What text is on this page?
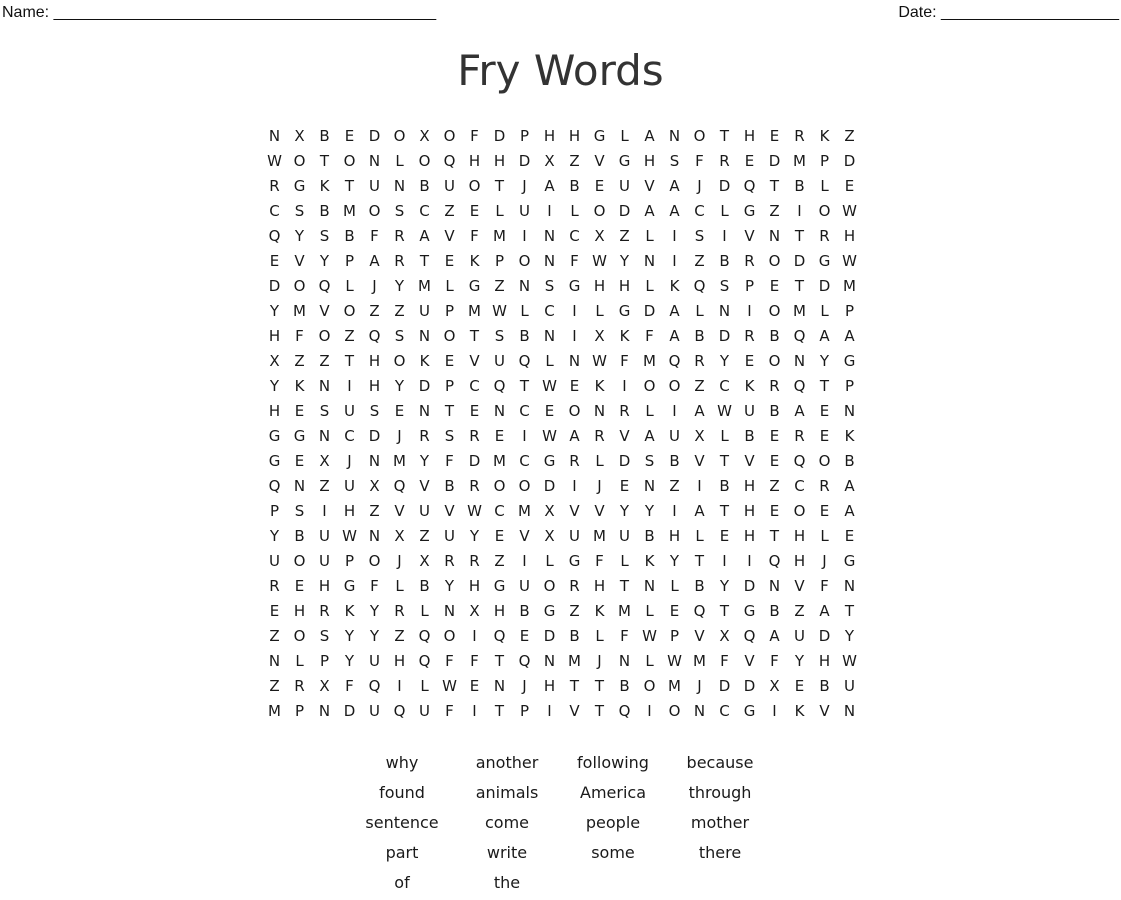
Name: ___________________________________________	Date: ____________________
Fry Words
N X B	E D O X O F D P H H G	L	A N O T H E	R K Z
W O T O N	L O Q H H D X Z V G H S	F	R	E D M P D
R G K	T U N B U O T	J	A B	E U V A	J	D Q T	B	L	E
C	S	B M O S C Z	E	L	U	I	L O D A A C	L	G Z	I	O W
Q Y	S	B	F	R A V	F M	I	N C X Z	L	I	S	I	V N T	R H
E	V	Y	P	A R	T	E	K	P O N	F W Y N	I	Z B R O D G W
D O Q L	J	Y M L	G Z N S G H H	L	K Q S	P	E	T D M
Y M V O Z Z U P M W L	C	I	L	G D A	L	N	I	O M L	P
H	F O Z Q S N O T	S	B N	I	X K	F	A B D R B Q A A
X Z Z	T H O K	E	V U Q L	N W F M Q R	Y	E O N Y G
Y	K N	I	H Y D P	C Q T W E	K	I	O O Z C K R Q T	P
H E	S U S	E N T	E N C	E O N R	L	I	A W U B A	E N
G G N C D	J	R	S	R	E	I	W A R V A U X	L	B	E	R	E	K
G E	X	J	N M Y	F D M C G R	L	D S	B V	T	V	E Q O B
Q N Z U X Q V B R O O D	I	J	E N Z	I	B H Z C R A
P	S	I	H Z V U V W C M X V V	Y	Y	I	A	T H E O E	A
Y	B U W N X Z U Y	E	V X U M U B H	L	E H T H	L	E
U O U P O	J	X R R Z	I	L	G F	L	K	Y	T	I	I	Q H	J	G
R	E H G F	L	B	Y H G U O R H T N	L	B	Y D N V	F	N
E H R K	Y	R	L	N X H B G Z K M L	E Q T G B Z A	T
Z O S	Y	Y	Z Q O	I	Q E D B	L	F W P	V X Q A U D Y
N	L	P	Y U H Q F	F	T Q N M	J	N	L W M F	V	F	Y H W
Z R X	F Q	I	L W E N	J	H T	T	B O M	J	D D X	E	B U
M P N D U Q U	F	I	T	P	I	V	T Q	I	O N C G	I	K V N
why	another	following	because
found	animals	America	through
sentence	come	people	mother
part	write	some	there
of	the
